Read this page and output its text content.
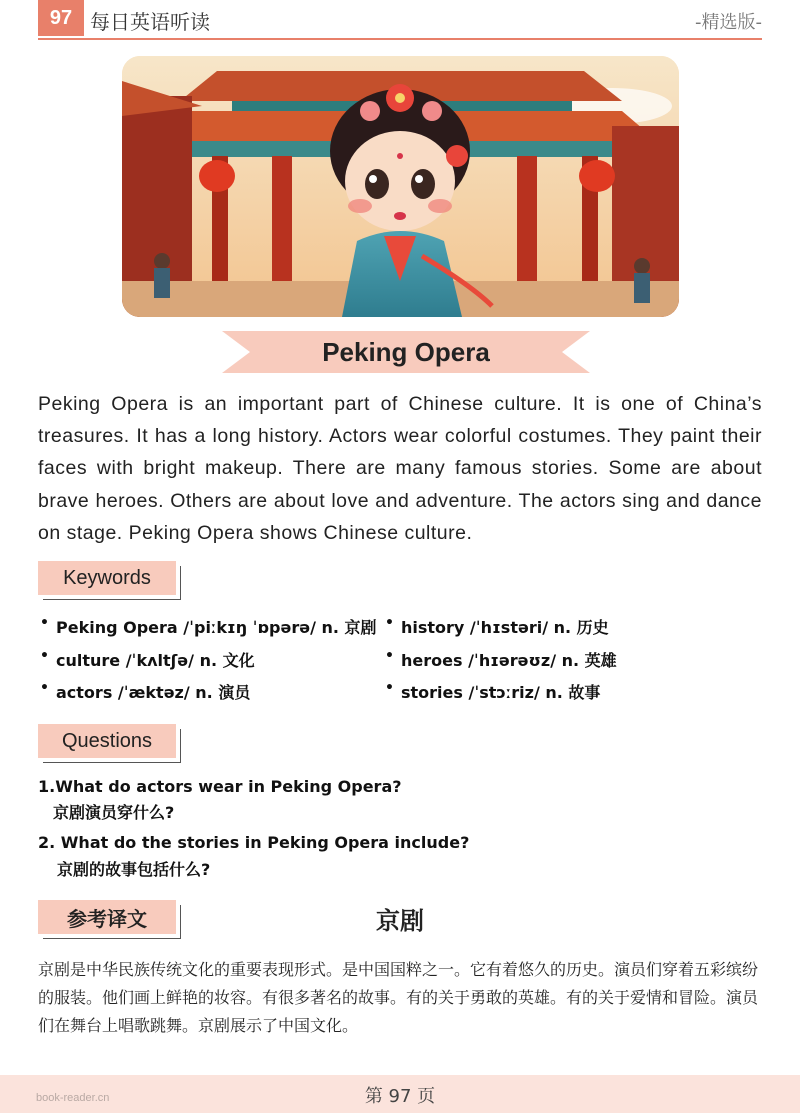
97 每日英语听读	-精选版-
Peking Opera
Peking Opera is an important part of Chinese culture. It is one of China’s treasures. It has a long history. Actors wear colorful costumes. They paint their faces with bright makeup. There are many famous stories. Some are about brave heroes. Others are about love and adventure. The actors sing and dance on stage. Peking Opera shows Chinese culture.
Keywords
• Peking Opera /ˈpiːkɪŋ ˈɒpərə/ n. 京剧
• culture /ˈkʌltʃə/ n. 文化
• actors /ˈæktəz/ n. 演员
• history /ˈhɪstəri/ n. 历史
• heroes /ˈhɪərəʊz/ n. 英雄
• stories /ˈstɔːriz/ n. 故事
Questions
1.What do actors wear in Peking Opera?
京剧演员穿什么?
2. What do the stories in Peking Opera include?
京剧的故事包括什么?
参考译文	京剧
京剧是中华民族传统文化的重要表现形式。是中国国粹之一。它有着悠久的历史。演员们穿着五彩缤纷的服装。他们画上鲜艳的妆容。有很多著名的故事。有的关于勇敢的英雄。有的关于爱情和冒险。演员们在舞台上唱歌跳舞。京剧展示了中国文化。
book-reader.cn	第 97 页
